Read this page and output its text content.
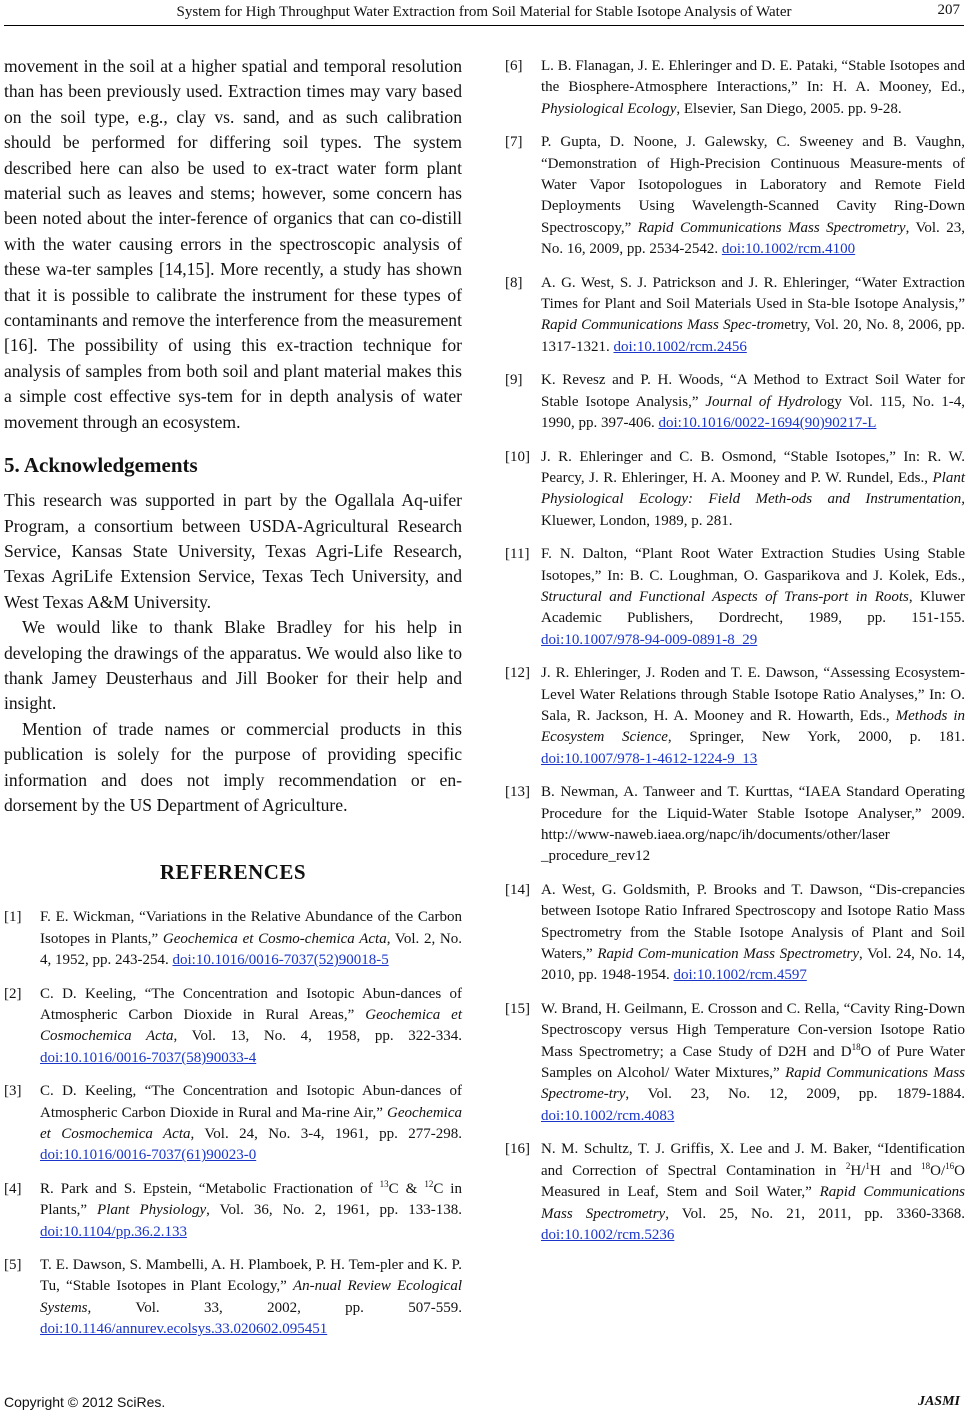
System for High Throughput Water Extraction from Soil Material for Stable Isotope Analysis of Water	207

movement in the soil at a higher spatial and temporal resolution than has been previously used. Extraction times may vary based on the soil type, e.g., clay vs. sand, and as such calibration should be performed for differing soil types. The system described here can also be used to ex-tract water form plant material such as leaves and stems; however, some concern has been noted about the inter-ference of organics that can co-distill with the water causing errors in the spectroscopic analysis of these wa-ter samples [14,15]. More recently, a study has shown that it is possible to calibrate the instrument for these types of contaminants and remove the interference from the measurement [16]. The possibility of using this ex-traction technique for analysis of samples from both soil and plant material makes this a simple cost effective sys-tem for in depth analysis of water movement through an ecosystem.

5. Acknowledgements

This research was supported in part by the Ogallala Aq-uifer Program, a consortium between USDA-Agricultural Research Service, Kansas State University, Texas Agri-Life Research, Texas AgriLife Extension Service, Texas Tech University, and West Texas A&M University.

We would like to thank Blake Bradley for his help in developing the drawings of the apparatus. We would also like to thank Jamey Deusterhaus and Jill Booker for their help and insight.

Mention of trade names or commercial products in this publication is solely for the purpose of providing specific information and does not imply recommendation or en-dorsement by the US Department of Agriculture.

REFERENCES
[1] F. E. Wickman, “Variations in the Relative Abundance of the Carbon Isotopes in Plants,” Geochemica et Cosmo-chemica Acta, Vol. 2, No. 4, 1952, pp. 243-254. doi:10.1016/0016-7037(52)90018-5
[2] C. D. Keeling, “The Concentration and Isotopic Abun-dances of Atmospheric Carbon Dioxide in Rural Areas,” Geochemica et Cosmochemica Acta, Vol. 13, No. 4, 1958, pp. 322-334. doi:10.1016/0016-7037(58)90033-4
[3] C. D. Keeling, “The Concentration and Isotopic Abun-dances of Atmospheric Carbon Dioxide in Rural and Ma-rine Air,” Geochemica et Cosmochemica Acta, Vol. 24, No. 3-4, 1961, pp. 277-298. doi:10.1016/0016-7037(61)90023-0
[4] R. Park and S. Epstein, “Metabolic Fractionation of $^{13}$C & $^{12}$C in Plants,” Plant Physiology, Vol. 36, No. 2, 1961, pp. 133-138. doi:10.1104/pp.36.2.133
[5] T. E. Dawson, S. Mambelli, A. H. Plamboek, P. H. Tem-pler and K. P. Tu, “Stable Isotopes in Plant Ecology,” An-nual Review Ecological Systems, Vol. 33, 2002, pp. 507-559. doi:10.1146/annurev.ecolsys.33.020602.095451
[6] L. B. Flanagan, J. E. Ehleringer and D. E. Pataki, “Stable Isotopes and the Biosphere-Atmosphere Interactions,” In: H. A. Mooney, Ed., Physiological Ecology, Elsevier, San Diego, 2005. pp. 9-28.
[7] P. Gupta, D. Noone, J. Galewsky, C. Sweeney and B. Vaughn, “Demonstration of High-Precision Continuous Measure-ments of Water Vapor Isotopologues in Laboratory and Remote Field Deployments Using Wavelength-Scanned Cavity Ring-Down Spectroscopy,” Rapid Communications Mass Spectrometry, Vol. 23, No. 16, 2009, pp. 2534-2542. doi:10.1002/rcm.4100
[8] A. G. West, S. J. Patrickson and J. R. Ehleringer, “Water Extraction Times for Plant and Soil Materials Used in Sta-ble Isotope Analysis,” Rapid Communications Mass Spec-trometry, Vol. 20, No. 8, 2006, pp. 1317-1321. doi:10.1002/rcm.2456
[9] K. Revesz and P. H. Woods, “A Method to Extract Soil Water for Stable Isotope Analysis,” Journal of Hydrology Vol. 115, No. 1-4, 1990, pp. 397-406. doi:10.1016/0022-1694(90)90217-L
[10] J. R. Ehleringer and C. B. Osmond, “Stable Isotopes,” In: R. W. Pearcy, J. R. Ehleringer, H. A. Mooney and P. W. Rundel, Eds., Plant Physiological Ecology: Field Meth-ods and Instrumentation, Kluewer, London, 1989, p. 281.
[11] F. N. Dalton, “Plant Root Water Extraction Studies Using Stable Isotopes,” In: B. C. Loughman, O. Gasparikova and J. Kolek, Eds., Structural and Functional Aspects of Trans-port in Roots, Kluwer Academic Publishers, Dordrecht, 1989, pp. 151-155. doi:10.1007/978-94-009-0891-8_29
[12] J. R. Ehleringer, J. Roden and T. E. Dawson, “Assessing Ecosystem-Level Water Relations through Stable Isotope Ratio Analyses,” In: O. Sala, R. Jackson, H. A. Mooney and R. Howarth, Eds., Methods in Ecosystem Science, Springer, New York, 2000, p. 181. doi:10.1007/978-1-4612-1224-9_13
[13] B. Newman, A. Tanweer and T. Kurttas, “IAEA Standard Operating Procedure for the Liquid-Water Stable Isotope Analyser,” 2009. http://www-naweb.iaea.org/napc/ih/documents/other/laser _procedure_rev12
[14] A. West, G. Goldsmith, P. Brooks and T. Dawson, “Dis-crepancies between Isotope Ratio Infrared Spectroscopy and Isotope Ratio Mass Spectrometry from the Stable Isotope Analysis of Plant and Soil Waters,” Rapid Com-munication Mass Spectrometry, Vol. 24, No. 14, 2010, pp. 1948-1954. doi:10.1002/rcm.4597
[15] W. Brand, H. Geilmann, E. Crosson and C. Rella, “Cavity Ring-Down Spectroscopy versus High Temperature Con-version Isotope Ratio Mass Spectrometry; a Case Study of D2H and $D^{18}O$ of Pure Water Samples on Alcohol/ Water Mixtures,” Rapid Communications Mass Spectrome-try, Vol. 23, No. 12, 2009, pp. 1879-1884. doi:10.1002/rcm.4083
[16] N. M. Schultz, T. J. Griffis, X. Lee and J. M. Baker, “Identification and Correction of Spectral Contamination in $^2$H/$^1$H and $^{18}$O/$^{16}$O Measured in Leaf, Stem and Soil Water,” Rapid Communications Mass Spectrometry, Vol. 25, No. 21, 2011, pp. 3360-3368. doi:10.1002/rcm.5236
Copyright © 2012 SciRes.	JASMI
